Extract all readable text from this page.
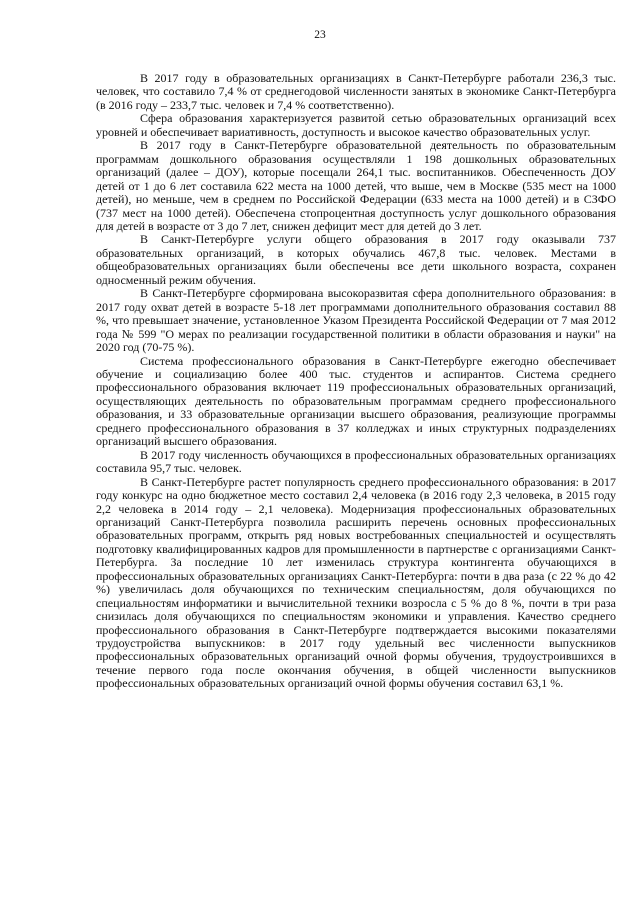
23

В 2017 году в образовательных организациях в Санкт-Петербурге работали 236,3 тыс. человек, что составило 7,4 % от среднегодовой численности занятых в экономике Санкт-Петербурга (в 2016 году – 233,7 тыс. человек и 7,4 % соответственно).

Сфера образования характеризуется развитой сетью образовательных организаций всех уровней и обеспечивает вариативность, доступность и высокое качество образовательных услуг.

В 2017 году в Санкт-Петербурге образовательной деятельность по образовательным программам дошкольного образования осуществляли 1 198 дошкольных образовательных организаций (далее – ДОУ), которые посещали 264,1 тыс. воспитанников. Обеспеченность ДОУ детей от 1 до 6 лет составила 622 места на 1000 детей, что выше, чем в Москве (535 мест на 1000 детей), но меньше, чем в среднем по Российской Федерации (633 места на 1000 детей) и в СЗФО (737 мест на 1000 детей). Обеспечена стопроцентная доступность услуг дошкольного образования для детей в возрасте от 3 до 7 лет, снижен дефицит мест для детей до 3 лет.

В Санкт-Петербурге услуги общего образования в 2017 году оказывали 737 образовательных организаций, в которых обучались 467,8 тыс. человек. Местами в общеобразовательных организациях были обеспечены все дети школьного возраста, сохранен односменный режим обучения.

В Санкт-Петербурге сформирована высокоразвитая сфера дополнительного образования: в 2017 году охват детей в возрасте 5-18 лет программами дополнительного образования составил 88 %, что превышает значение, установленное Указом Президента Российской Федерации от 7 мая 2012 года № 599 "О мерах по реализации государственной политики в области образования и науки" на 2020 год (70-75 %).

Система профессионального образования в Санкт-Петербурге ежегодно обеспечивает обучение и социализацию более 400 тыс. студентов и аспирантов. Система среднего профессионального образования включает 119 профессиональных образовательных организаций, осуществляющих деятельность по образовательным программам среднего профессионального образования, и 33 образовательные организации высшего образования, реализующие программы среднего профессионального образования в 37 колледжах и иных структурных подразделениях организаций высшего образования.

В 2017 году численность обучающихся в профессиональных образовательных организациях составила 95,7 тыс. человек.

В Санкт-Петербурге растет популярность среднего профессионального образования: в 2017 году конкурс на одно бюджетное место составил 2,4 человека (в 2016 году 2,3 человека, в 2015 году 2,2 человека в 2014 году – 2,1 человека). Модернизация профессиональных образовательных организаций Санкт-Петербурга позволила расширить перечень основных профессиональных образовательных программ, открыть ряд новых востребованных специальностей и осуществлять подготовку квалифицированных кадров для промышленности в партнерстве с организациями Санкт-Петербурга. За последние 10 лет изменилась структура контингента обучающихся в профессиональных образовательных организациях Санкт-Петербурга: почти в два раза (с 22 % до 42 %) увеличилась доля обучающихся по техническим специальностям, доля обучающихся по специальностям информатики и вычислительной техники возросла с 5 % до 8 %, почти в три раза снизилась доля обучающихся по специальностям экономики и управления. Качество среднего профессионального образования в Санкт-Петербурге подтверждается высокими показателями трудоустройства выпускников: в 2017 году удельный вес численности выпускников профессиональных образовательных организаций очной формы обучения, трудоустроившихся в течение первого года после окончания обучения, в общей численности выпускников профессиональных образовательных организаций очной формы обучения составил 63,1 %.
